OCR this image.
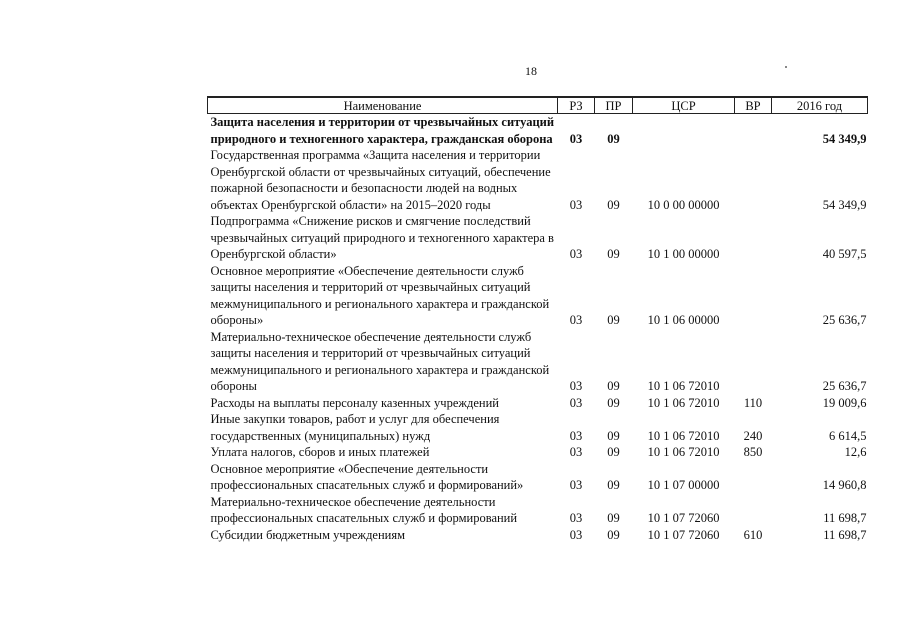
18
Наименование	РЗ	ПР	ЦСР	ВР	2016 год
Защита населения и территории от чрезвычайных ситуаций природного и техногенного характера, гражданская оборона	03	09			54 349,9
Государственная программа «Защита населения и территории Оренбургской области от чрезвычайных ситуаций, обеспечение пожарной безопасности и безопасности людей на водных объектах Оренбургской области» на 2015–2020 годы	03	09	10 0 00 00000		54 349,9
Подпрограмма «Снижение рисков и смягчение последствий чрезвычайных ситуаций природного и техногенного характера в Оренбургской области»	03	09	10 1 00 00000		40 597,5
Основное мероприятие «Обеспечение деятельности служб защиты населения и территорий от чрезвычайных ситуаций межмуниципального и регионального характера и гражданской обороны»	03	09	10 1 06 00000		25 636,7
Материально-техническое обеспечение деятельности служб защиты населения и территорий от чрезвычайных ситуаций межмуниципального и регионального характера и гражданской обороны	03	09	10 1 06 72010		25 636,7
Расходы на выплаты персоналу казенных учреждений	03	09	10 1 06 72010	110	19 009,6
Иные закупки товаров, работ и услуг для обеспечения государственных (муниципальных) нужд	03	09	10 1 06 72010	240	6 614,5
Уплата налогов, сборов и иных платежей	03	09	10 1 06 72010	850	12,6
Основное мероприятие «Обеспечение деятельности профессиональных спасательных служб и формирований»	03	09	10 1 07 00000		14 960,8
Материально-техническое обеспечение деятельности профессиональных спасательных служб и формирований	03	09	10 1 07 72060		11 698,7
Субсидии бюджетным учреждениям	03	09	10 1 07 72060	610	11 698,7
